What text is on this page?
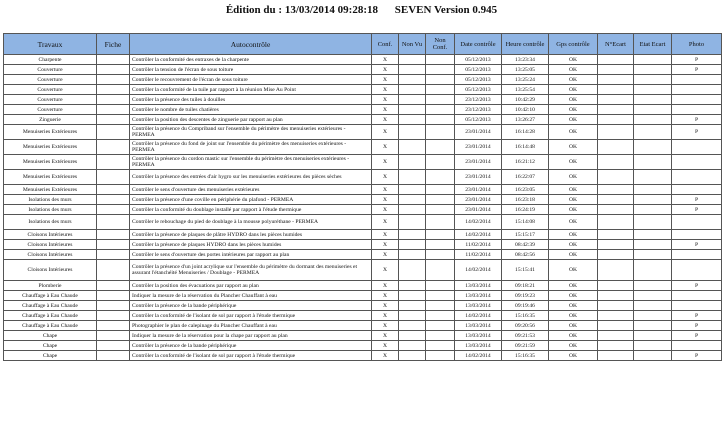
Édition du : 13/03/2014 09:28:18 SEVEN Version 0.945
Travaux	Fiche	Autocontrôle	Conf.	Non Vu	Non Conf.	Date contrôle	Heure contrôle	Gps contrôle	N°Ecart	Etat Ecart	Photo
Charpente		Contrôler la conformité des entraxes de la charpente	X			05/12/2013	13:23:34	OK			P
Couverture		Contrôler la tension de l'écran de sous toiture	X			05/12/2013	13:25:05	OK			P
Couverture		Contrôler le recouvrement de l'écran de sous toiture	X			05/12/2013	13:25:24	OK			
Couverture		Contrôler la conformité de la tuile par rapport à la réunion Mise Au Point	X			05/12/2013	13:25:54	OK			
Couverture		Contrôler la présence des tuiles à douilles	X			23/12/2013	10:42:29	OK			
Couverture		Contrôler le nombre de tuiles chatières	X			23/12/2013	10:42:10	OK			
Zinguerie		Contrôler la position des descentes de zinguerie par rapport au plan	X			05/12/2013	13:26:27	OK			P
Menuiseries Extérieures		Contrôler la présence du Compriband sur l'ensemble du périmètre des menuiseries extérieures - PERMEA	X			23/01/2014	16:14:28	OK			P
Menuiseries Extérieures		Contrôler la présence du fond de joint sur l'ensemble du périmètre des menuiseries extérieures - PERMEA	X			23/01/2014	16:14:48	OK			
Menuiseries Extérieures		Contrôler la présence du cordon mastic sur l'ensemble du périmètre des menuiseries extérieures - PERMEA	X			23/01/2014	16:21:12	OK			
Menuiseries Extérieures		Contrôler la présence des entrées d'air hygro sur les menuiseries extérieures des pièces sèches	X			23/01/2014	16:22:07	OK			
Menuiseries Extérieures		Contrôler le sens d'ouverture des menuiseries extérieures	X			23/01/2014	16:23:05	OK			
Isolations des murs		Contrôler la présence d'une coville en périphérie du plafond - PERMEA	X			23/01/2014	16:23:18	OK			P
Isolations des murs		Contrôler la conformité du doublage installé par rapport à l'étude thermique	X			23/01/2014	16:24:19	OK			P
Isolations des murs		Contrôler le rebouchage du pied de doublage à la mousse polyuréthane - PERMEA	X			14/02/2014	15:14:08	OK			
Cloisons Intérieures		Contrôler la présence de plaques de plâtre HYDRO dans les pièces humides	X			14/02/2014	15:15:17	OK			
Cloisons Intérieures		Contrôler la présence de plaques HYDRO dans les pièces humides	X			11/02/2014	08:42:39	OK			P
Cloisons Intérieures		Contrôler le sens d'ouverture des portes intérieures par rapport au plan	X			11/02/2014	08:42:56	OK			
Cloisons Intérieures		Contrôler la présence d'un joint acrylique sur l'ensemble du périmètre du dormant des menuiseries et assurant l'étanchéité Menuiseries / Doublage - PERMEA	X			14/02/2014	15:15:41	OK			
Plomberie		Contrôler la position des évacuations par rapport au plan	X			13/03/2014	09:18:21	OK			P
Chauffage à Eau Chaude		Indiquer la mesure de la réservation du Plancher Chauffant à eau	X			13/03/2014	09:19:23	OK			
Chauffage à Eau Chaude		Contrôler la présence de la bande périphérique	X			13/03/2014	09:19:46	OK			
Chauffage à Eau Chaude		Contrôler la conformité de l'isolant de sol par rapport à l'étude thermique	X			14/02/2014	15:16:35	OK			P
Chauffage à Eau Chaude		Photographier le plan de calepinage du Plancher Chauffant à eau	X			13/03/2014	09:20:56	OK			P
Chape		Indiquer la mesure de la réservation pour la chape par rapport au plan	X			13/03/2014	09:21:53	OK			P
Chape		Contrôler la présence de la bande périphérique	X			13/03/2014	09:21:59	OK			
Chape		Contrôler la conformité de l'isolant de sol par rapport à l'étude thermique	X			14/02/2014	15:16:35	OK			P
